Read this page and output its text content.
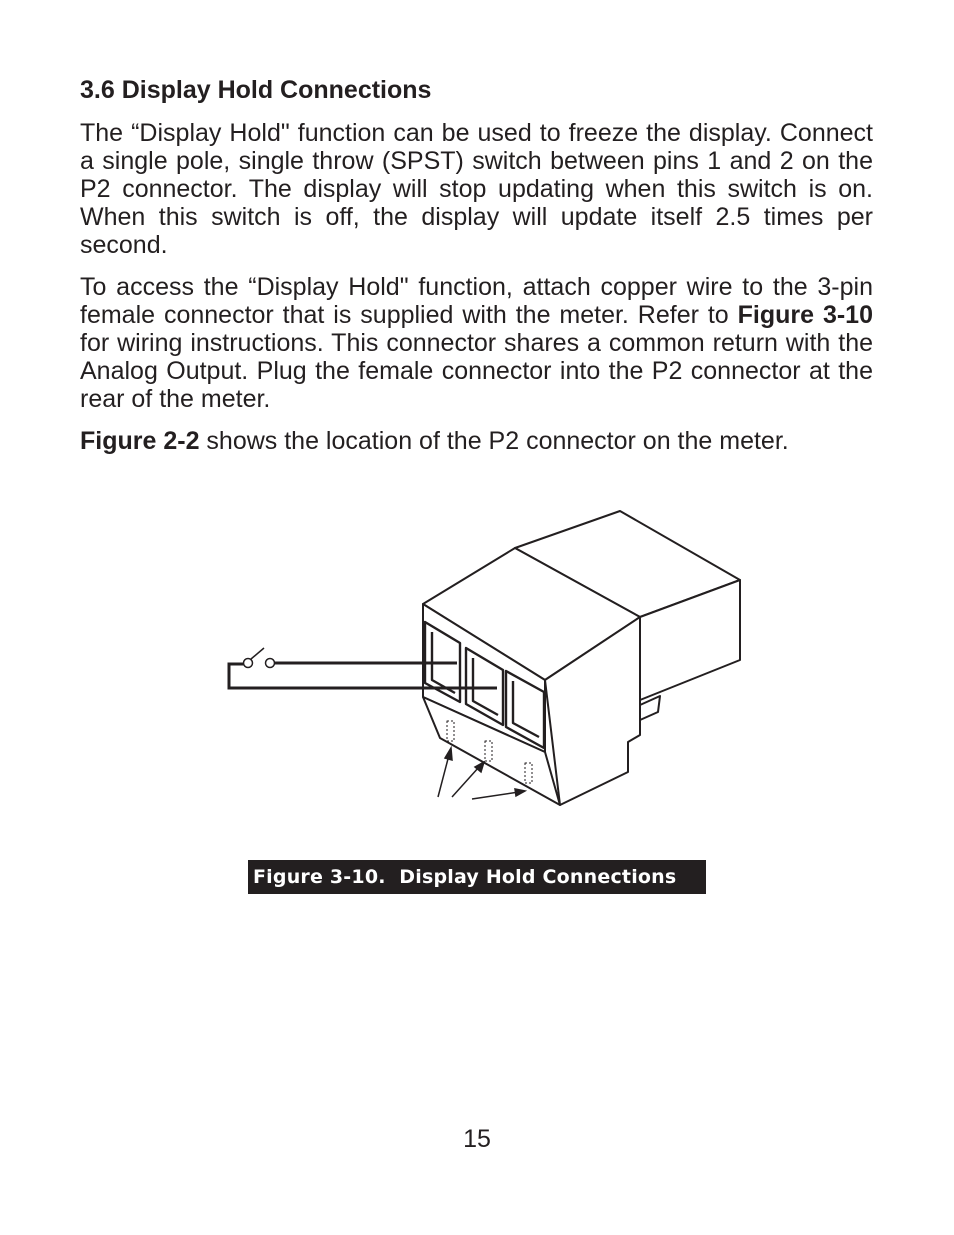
3.6 Display Hold Connections

The “Display Hold" function can be used to freeze the display. Connect a single pole, single throw (SPST) switch between pins 1 and 2 on the P2 connector. The display will stop updating when this switch is on. When this switch is off, the display will update itself 2.5 times per second.

To access the “Display Hold" function, attach copper wire to the 3-pin female connector that is supplied with the meter. Refer to Figure 3-10 for wiring instructions. This connector shares a common return with the Analog Output. Plug the female connector into the P2 connector at the rear of the meter.

Figure 2-2 shows the location of the P2 connector on the meter.

Figure 3-10.  Display Hold Connections
15
